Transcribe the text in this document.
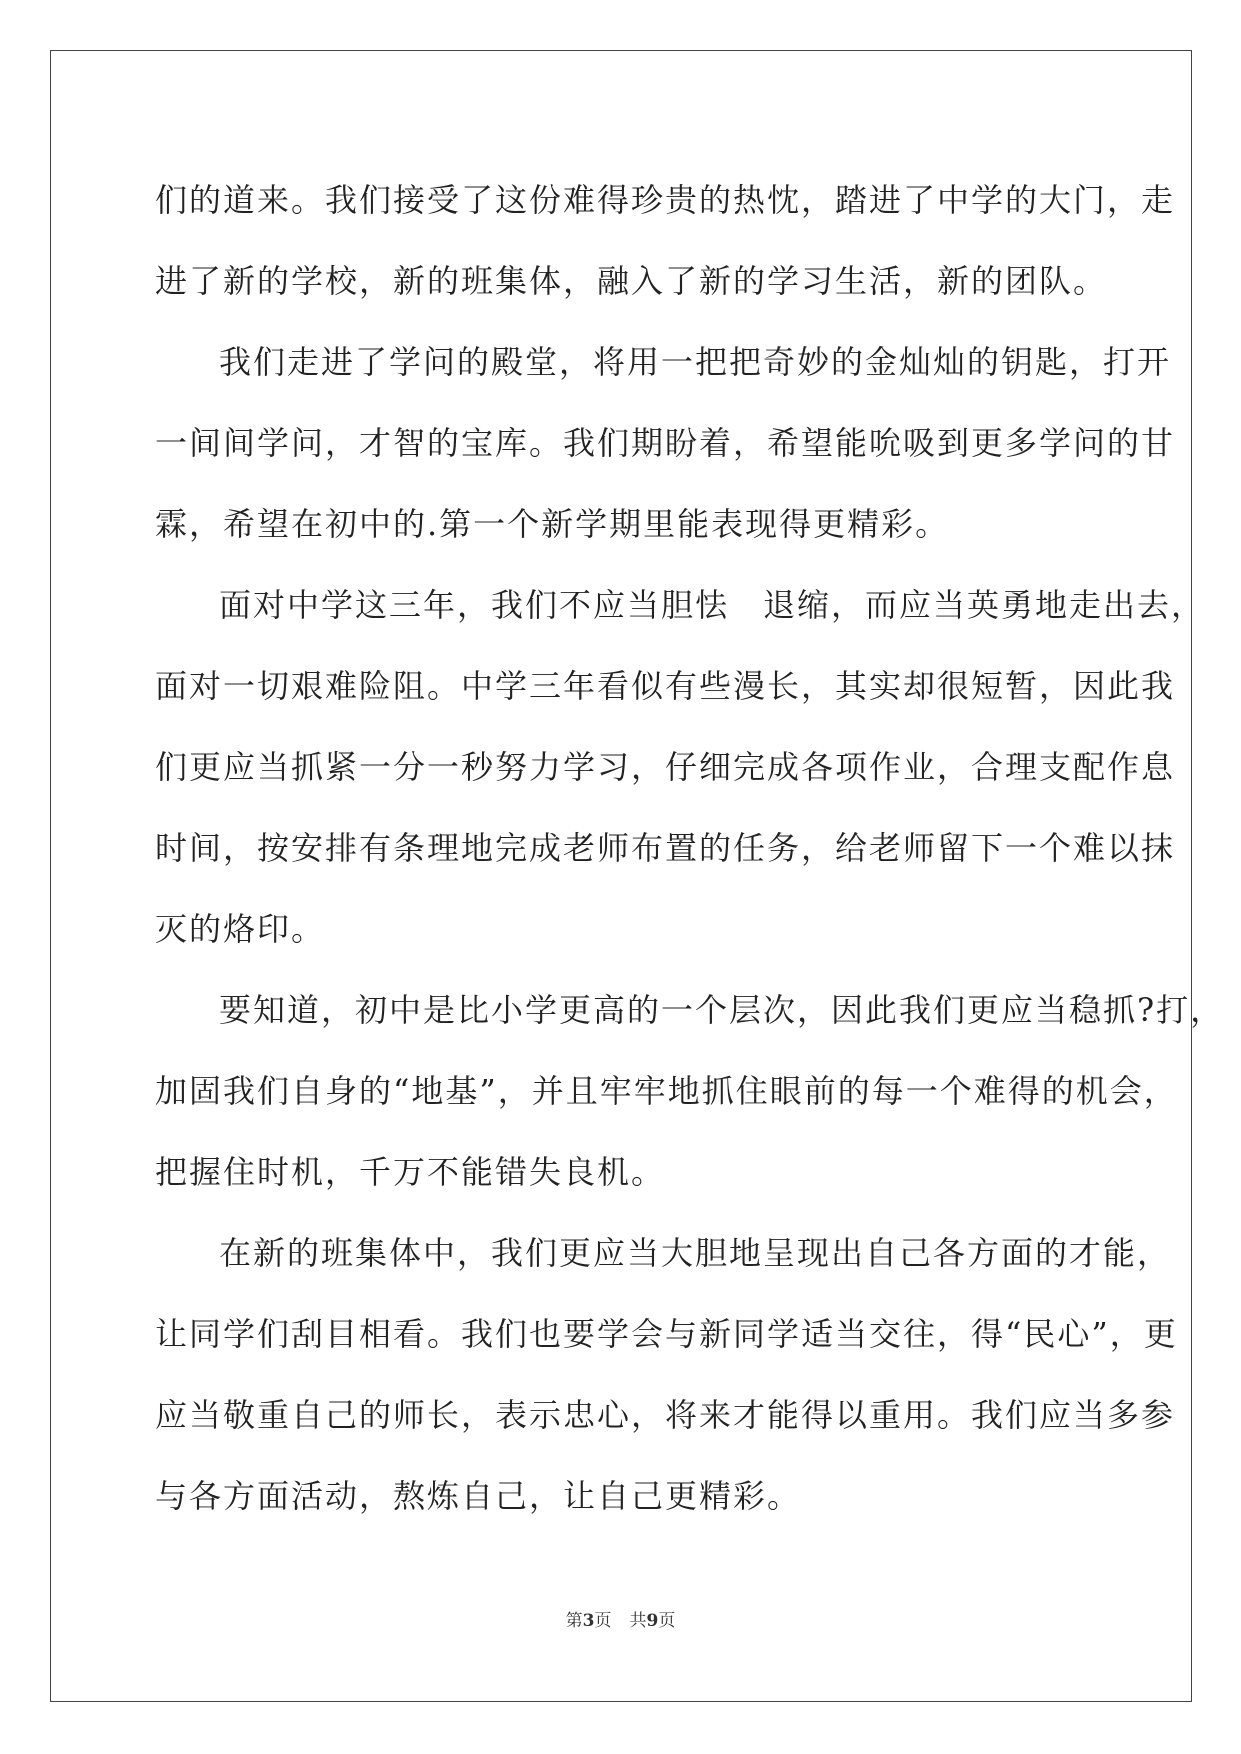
们的道来。我们接受了这份难得珍贵的热忱，踏进了中学的大门，走
进了新的学校，新的班集体，融入了新的学习生活，新的团队。
我们走进了学问的殿堂，将用一把把奇妙的金灿灿的钥匙，打开
一间间学问，才智的宝库。我们期盼着，希望能吮吸到更多学问的甘
霖，希望在初中的.第一个新学期里能表现得更精彩。
面对中学这三年，我们不应当胆怯　退缩，而应当英勇地走出去，
面对一切艰难险阻。中学三年看似有些漫长，其实却很短暂，因此我
们更应当抓紧一分一秒努力学习，仔细完成各项作业，合理支配作息
时间，按安排有条理地完成老师布置的任务，给老师留下一个难以抹
灭的烙印。
要知道，初中是比小学更高的一个层次，因此我们更应当稳抓?打，
加固我们自身的“地基”，并且牢牢地抓住眼前的每一个难得的机会，
把握住时机，千万不能错失良机。
在新的班集体中，我们更应当大胆地呈现出自己各方面的才能，
让同学们刮目相看。我们也要学会与新同学适当交往，得“民心”，更
应当敬重自己的师长，表示忠心，将来才能得以重用。我们应当多参
与各方面活动，熬炼自己，让自己更精彩。
第3页 共9页
